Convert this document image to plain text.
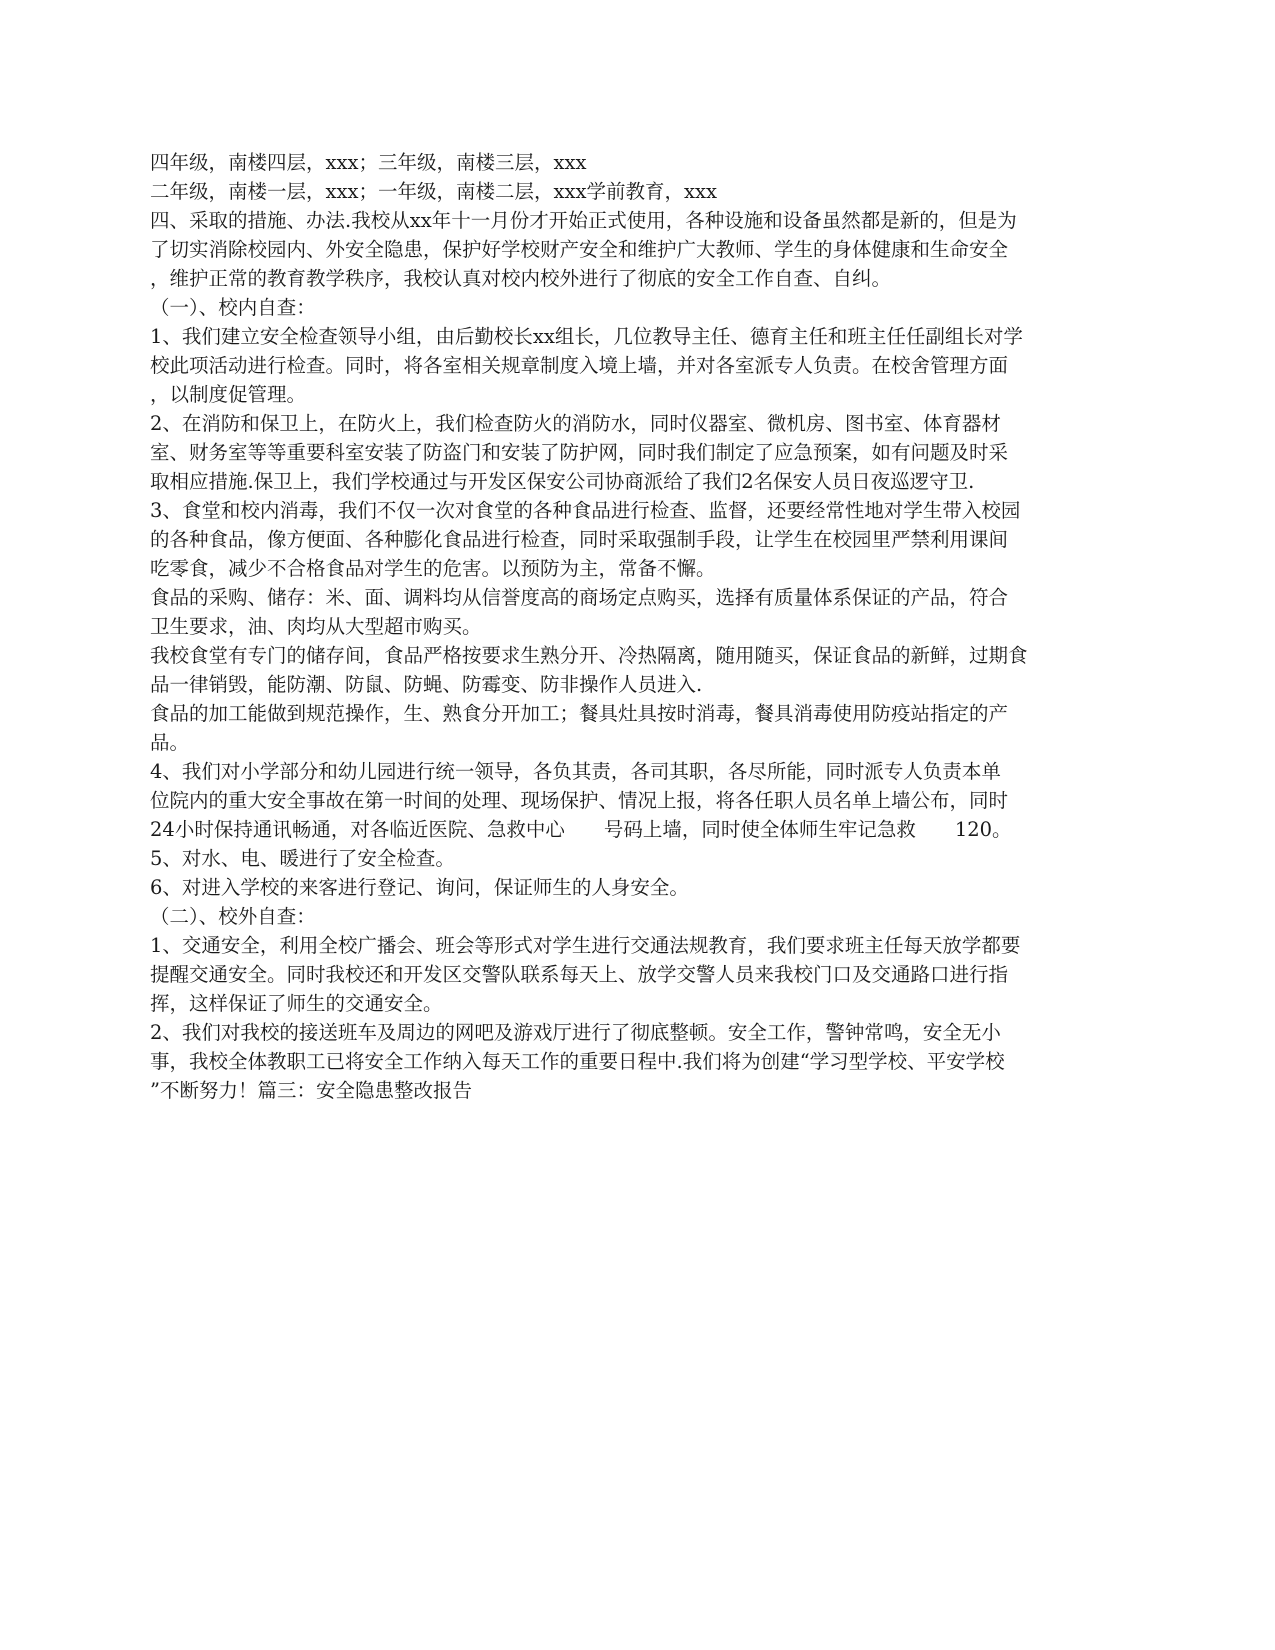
四年级，南楼四层，xxx；三年级，南楼三层，xxx
二年级，南楼一层，xxx；一年级，南楼二层，xxx学前教育，xxx
四、采取的措施、办法.我校从xx年十一月份才开始正式使用，各种设施和设备虽然都是新的，但是为
了切实消除校园内、外安全隐患，保护好学校财产安全和维护广大教师、学生的身体健康和生命安全
，维护正常的教育教学秩序，我校认真对校内校外进行了彻底的安全工作自查、自纠。
（一）、校内自查：
1、我们建立安全检查领导小组，由后勤校长xx组长，几位教导主任、德育主任和班主任任副组长对学
校此项活动进行检查。同时，将各室相关规章制度入境上墙，并对各室派专人负责。在校舍管理方面
，以制度促管理。
2、在消防和保卫上，在防火上，我们检查防火的消防水，同时仪器室、微机房、图书室、体育器材
室、财务室等等重要科室安装了防盗门和安装了防护网，同时我们制定了应急预案，如有问题及时采
取相应措施.保卫上，我们学校通过与开发区保安公司协商派给了我们2名保安人员日夜巡逻守卫.
3、食堂和校内消毒，我们不仅一次对食堂的各种食品进行检查、监督，还要经常性地对学生带入校园
的各种食品，像方便面、各种膨化食品进行检查，同时采取强制手段，让学生在校园里严禁利用课间
吃零食，减少不合格食品对学生的危害。以预防为主，常备不懈。
食品的采购、储存：米、面、调料均从信誉度高的商场定点购买，选择有质量体系保证的产品，符合
卫生要求，油、肉均从大型超市购买。
我校食堂有专门的储存间，食品严格按要求生熟分开、冷热隔离，随用随买，保证食品的新鲜，过期食
品一律销毁，能防潮、防鼠、防蝇、防霉变、防非操作人员进入.
食品的加工能做到规范操作，生、熟食分开加工；餐具灶具按时消毒，餐具消毒使用防疫站指定的产
品。
4、我们对小学部分和幼儿园进行统一领导，各负其责，各司其职，各尽所能，同时派专人负责本单
位院内的重大安全事故在第一时间的处理、现场保护、情况上报，将各任职人员名单上墙公布，同时
24小时保持通讯畅通，对各临近医院、急救中心　　号码上墙，同时使全体师生牢记急救　　120。
5、对水、电、暖进行了安全检查。
6、对进入学校的来客进行登记、询问，保证师生的人身安全。
（二）、校外自查：
1、交通安全，利用全校广播会、班会等形式对学生进行交通法规教育，我们要求班主任每天放学都要
提醒交通安全。同时我校还和开发区交警队联系每天上、放学交警人员来我校门口及交通路口进行指
挥，这样保证了师生的交通安全。
2、我们对我校的接送班车及周边的网吧及游戏厅进行了彻底整顿。安全工作，警钟常鸣，安全无小
事，我校全体教职工已将安全工作纳入每天工作的重要日程中.我们将为创建“学习型学校、平安学校
”不断努力！篇三：安全隐患整改报告
